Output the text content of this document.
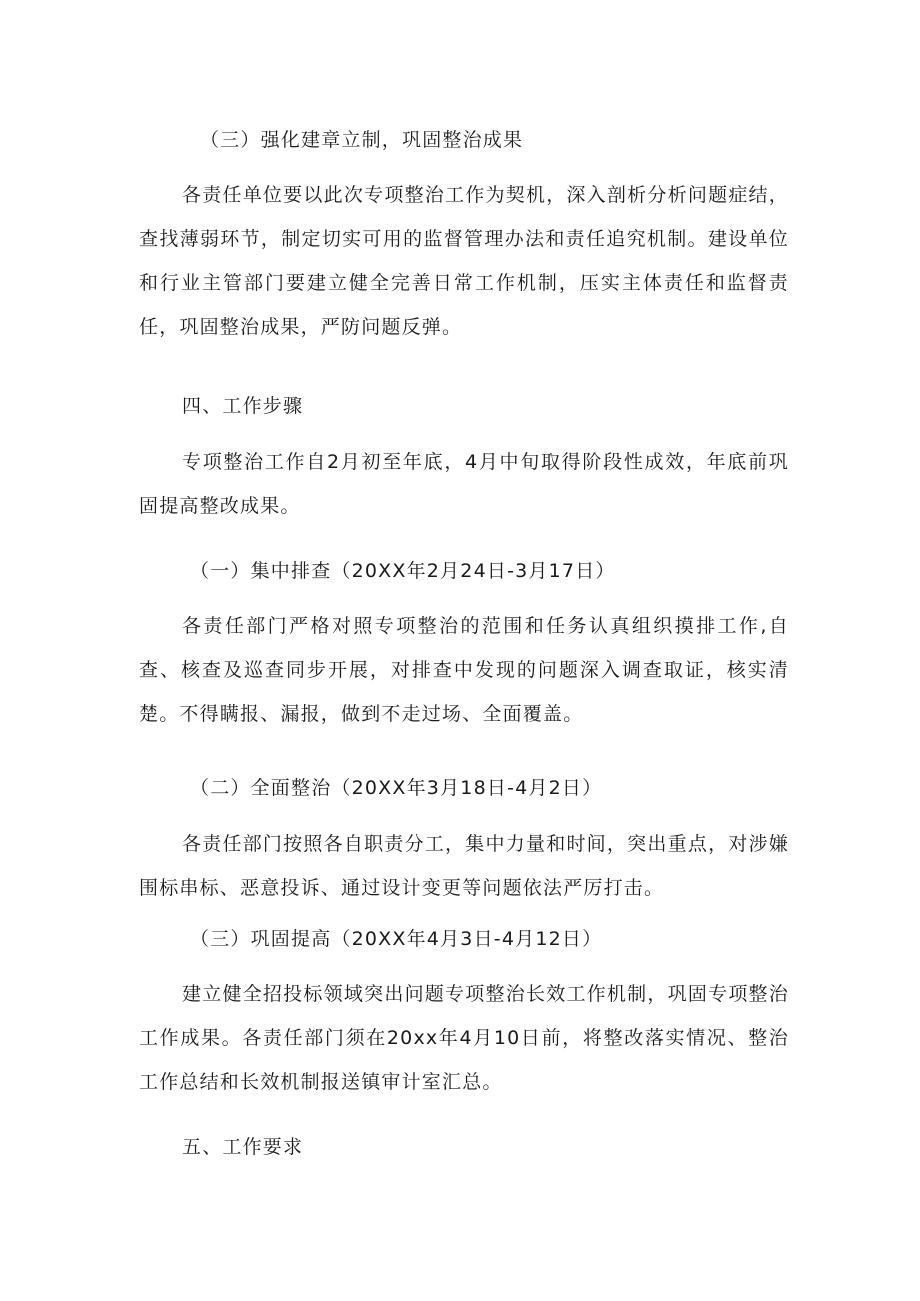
（三）强化建章立制，巩固整治成果
各责任单位要以此次专项整治工作为契机，深入剖析分析问题症结，查找薄弱环节，制定切实可用的监督管理办法和责任追究机制。建设单位和行业主管部门要建立健全完善日常工作机制，压实主体责任和监督责任，巩固整治成果，严防问题反弹。
四、工作步骤
专项整治工作自2月初至年底，4月中旬取得阶段性成效，年底前巩固提高整改成果。
（一）集中排查（20XX年2月24日-3月17日）
各责任部门严格对照专项整治的范围和任务认真组织摸排工作,自查、核查及巡查同步开展，对排查中发现的问题深入调查取证，核实清楚。不得瞒报、漏报，做到不走过场、全面覆盖。
（二）全面整治（20XX年3月18日-4月2日）
各责任部门按照各自职责分工，集中力量和时间，突出重点，对涉嫌围标串标、恶意投诉、通过设计变更等问题依法严厉打击。
（三）巩固提高（20XX年4月3日-4月12日）
建立健全招投标领域突出问题专项整治长效工作机制，巩固专项整治工作成果。各责任部门须在20xx年4月10日前，将整改落实情况、整治工作总结和长效机制报送镇审计室汇总。
五、工作要求
